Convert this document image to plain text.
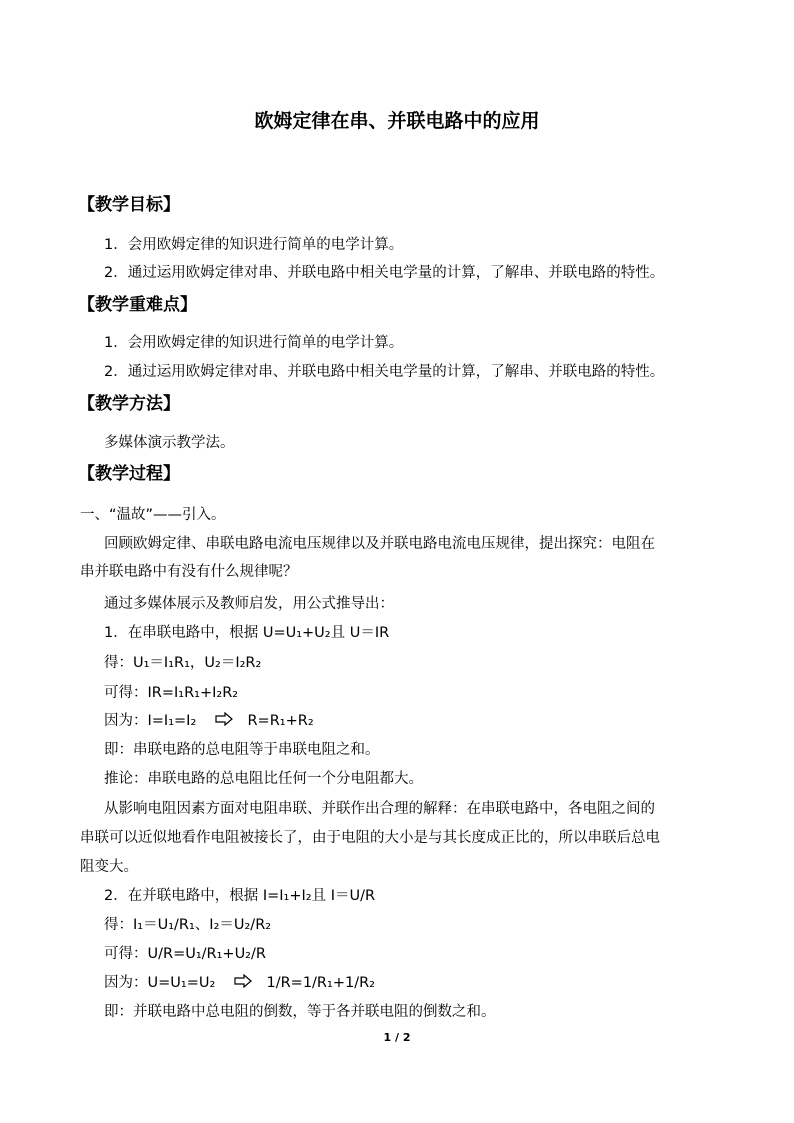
欧姆定律在串、并联电路中的应用
【教学目标】
1．会用欧姆定律的知识进行简单的电学计算。
2．通过运用欧姆定律对串、并联电路中相关电学量的计算，了解串、并联电路的特性。
【教学重难点】
1．会用欧姆定律的知识进行简单的电学计算。
2．通过运用欧姆定律对串、并联电路中相关电学量的计算，了解串、并联电路的特性。
【教学方法】
多媒体演示教学法。
【教学过程】
一、“温故”——引入。
回顾欧姆定律、串联电路电流电压规律以及并联电路电流电压规律，提出探究：电阻在
串并联电路中有没有什么规律呢？
通过多媒体展示及教师启发，用公式推导出：
1．在串联电路中，根据 U=U₁+U₂且 U＝IR
得：U₁＝I₁R₁，U₂＝I₂R₂
可得：IR=I₁R₁+I₂R₂
因为：I=I₁=I₂	R=R₁+R₂
即：串联电路的总电阻等于串联电阻之和。
推论：串联电路的总电阻比任何一个分电阻都大。
从影响电阻因素方面对电阻串联、并联作出合理的解释：在串联电路中，各电阻之间的
串联可以近似地看作电阻被接长了，由于电阻的大小是与其长度成正比的，所以串联后总电
阻变大。
2．在并联电路中，根据 I=I₁+I₂且 I＝U/R
得：I₁＝U₁/R₁、I₂＝U₂/R₂
可得：U/R=U₁/R₁+U₂/R
因为：U=U₁=U₂	1/R=1/R₁+1/R₂
即：并联电路中总电阻的倒数，等于各并联电阻的倒数之和。
1 / 2
